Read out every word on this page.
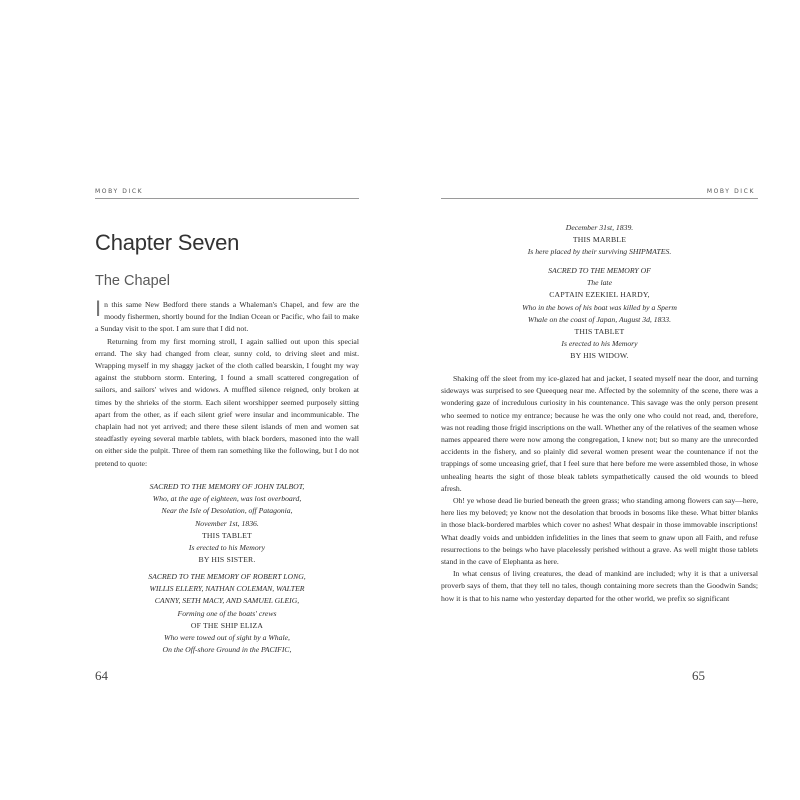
MOBY DICK
Chapter Seven
The Chapel

In this same New Bedford there stands a Whaleman's Chapel, and few are the moody fishermen, shortly bound for the Indian Ocean or Pacific, who fail to make a Sunday visit to the spot. I am sure that I did not.

Returning from my first morning stroll, I again sallied out upon this special errand. The sky had changed from clear, sunny cold, to driving sleet and mist. Wrapping myself in my shaggy jacket of the cloth called bearskin, I fought my way against the stubborn storm. Entering, I found a small scattered congregation of sailors, and sailors' wives and widows. A muffled silence reigned, only broken at times by the shrieks of the storm. Each silent worshipper seemed purposely sitting apart from the other, as if each silent grief were insular and incommunicable. The chaplain had not yet arrived; and there these silent islands of men and women sat steadfastly eyeing several marble tablets, with black borders, masoned into the wall on either side the pulpit. Three of them ran something like the following, but I do not pretend to quote:

SACRED TO THE MEMORY OF JOHN TALBOT,
Who, at the age of eighteen, was lost overboard,
Near the Isle of Desolation, off Patagonia,
November 1st, 1836.
THIS TABLET
Is erected to his Memory
BY HIS SISTER.
SACRED TO THE MEMORY OF ROBERT LONG,
WILLIS ELLERY, NATHAN COLEMAN, WALTER
CANNY, SETH MACY, AND SAMUEL GLEIG,
Forming one of the boats' crews
OF THE SHIP ELIZA
Who were towed out of sight by a Whale,
On the Off-shore Ground in the PACIFIC,
64
MOBY DICK
December 31st, 1839.
THIS MARBLE
Is here placed by their surviving SHIPMATES.
SACRED TO THE MEMORY OF
The late
CAPTAIN EZEKIEL HARDY,
Who in the bows of his boat was killed by a Sperm
Whale on the coast of Japan, August 3d, 1833.
THIS TABLET
Is erected to his Memory
BY HIS WIDOW.

Shaking off the sleet from my ice-glazed hat and jacket, I seated myself near the door, and turning sideways was surprised to see Queequeg near me. Affected by the solemnity of the scene, there was a wondering gaze of incredulous curiosity in his countenance. This savage was the only person present who seemed to notice my entrance; because he was the only one who could not read, and, therefore, was not reading those frigid inscriptions on the wall. Whether any of the relatives of the seamen whose names appeared there were now among the congregation, I knew not; but so many are the unrecorded accidents in the fishery, and so plainly did several women present wear the countenance if not the trappings of some unceasing grief, that I feel sure that here before me were assembled those, in whose unhealing hearts the sight of those bleak tablets sympathetically caused the old wounds to bleed afresh.

Oh! ye whose dead lie buried beneath the green grass; who standing among flowers can say—here, here lies my beloved; ye know not the desolation that broods in bosoms like these. What bitter blanks in those black-bordered marbles which cover no ashes! What despair in those immovable inscriptions! What deadly voids and unbidden infidelities in the lines that seem to gnaw upon all Faith, and refuse resurrections to the beings who have placelessly perished without a grave. As well might those tablets stand in the cave of Elephanta as here.

In what census of living creatures, the dead of mankind are included; why it is that a universal proverb says of them, that they tell no tales, though containing more secrets than the Goodwin Sands; how it is that to his name who yesterday departed for the other world, we prefix so significant

65
